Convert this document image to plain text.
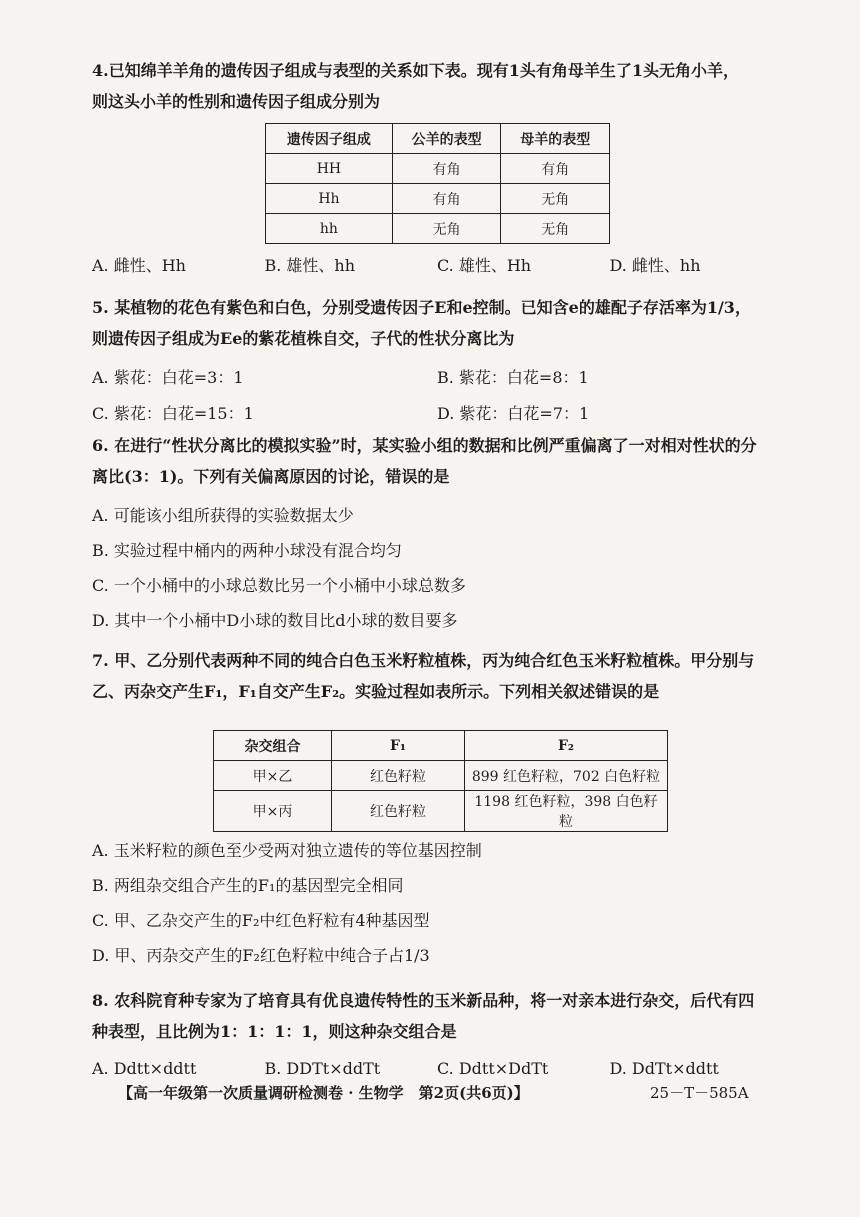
4.已知绵羊羊角的遗传因子组成与表型的关系如下表。现有1头有角母羊生了1头无角小羊，
则这头小羊的性别和遗传因子组成分别为
遗传因子组成	公羊的表型	母羊的表型
HH	有角	有角
Hh	有角	无角
hh	无角	无角
A. 雌性、Hh	B. 雄性、hh	C. 雄性、Hh	D. 雌性、hh
5. 某植物的花色有紫色和白色，分别受遗传因子E和e控制。已知含e的雄配子存活率为1/3，
则遗传因子组成为Ee的紫花植株自交，子代的性状分离比为
A. 紫花：白花=3：1	B. 紫花：白花=8：1
C. 紫花：白花=15：1	D. 紫花：白花=7：1
6. 在进行“性状分离比的模拟实验”时，某实验小组的数据和比例严重偏离了一对相对性状的分
离比(3：1)。下列有关偏离原因的讨论，错误的是
A. 可能该小组所获得的实验数据太少
B. 实验过程中桶内的两种小球没有混合均匀
C. 一个小桶中的小球总数比另一个小桶中小球总数多
D. 其中一个小桶中D小球的数目比d小球的数目要多
7. 甲、乙分别代表两种不同的纯合白色玉米籽粒植株，丙为纯合红色玉米籽粒植株。甲分别与
乙、丙杂交产生F₁，F₁自交产生F₂。实验过程如表所示。下列相关叙述错误的是
杂交组合	F₁	F₂
甲×乙	红色籽粒	899 红色籽粒，702 白色籽粒
甲×丙	红色籽粒	1198 红色籽粒，398 白色籽粒
A. 玉米籽粒的颜色至少受两对独立遗传的等位基因控制
B. 两组杂交组合产生的F₁的基因型完全相同
C. 甲、乙杂交产生的F₂中红色籽粒有4种基因型
D. 甲、丙杂交产生的F₂红色籽粒中纯合子占1/3
8. 农科院育种专家为了培育具有优良遗传特性的玉米新品种，将一对亲本进行杂交，后代有四
种表型，且比例为1：1：1：1，则这种杂交组合是
A. Ddtt×ddtt	B. DDTt×ddTt	C. Ddtt×DdTt	D. DdTt×ddtt
【高一年级第一次质量调研检测卷 · 生物学　第2页(共6页)】	25－T－585A
